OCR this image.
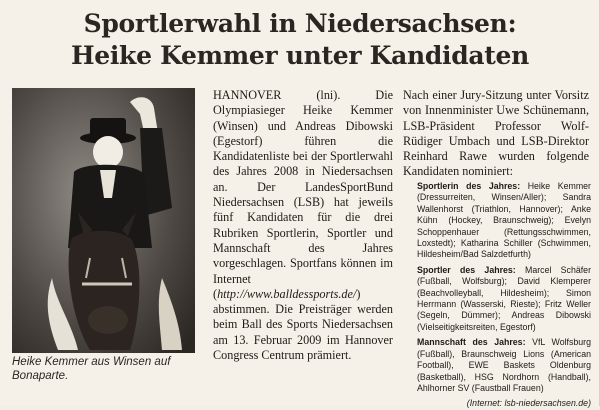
Sportlerwahl in Niedersachsen:
Heike Kemmer unter Kandidaten
Heike Kemmer aus Winsen auf Bonaparte.

HANNOVER (lni). Die Olympiasieger Heike Kemmer (Winsen) und Andreas Dibowski (Egestorf) führen die Kandidatenliste bei der Sportlerwahl des Jahres 2008 in Niedersachsen an. Der LandesSportBund Niedersachsen (LSB) hat jeweils fünf Kandidaten für die drei Rubriken Sportlerin, Sportler und Mannschaft des Jahres vorgeschlagen. Sportfans können im Internet (http://www.balldessports.de/) abstimmen. Die Preisträger werden beim Ball des Sports Niedersachsen am 13. Februar 2009 im Hannover Congress Centrum prämiert.

Nach einer Jury-Sitzung unter Vorsitz von Innenminister Uwe Schünemann, LSB-Präsident Professor Wolf-Rüdiger Umbach und LSB-Direktor Reinhard Rawe wurden folgende Kandidaten nominiert:

Sportlerin des Jahres: Heike Kemmer (Dressurreiten, Winsen/Aller); Sandra Wallenhorst (Triathlon, Hannover); Anke Kühn (Hockey, Braunschweig); Evelyn Schoppenhauer (Rettungsschwimmen, Loxstedt); Katharina Schiller (Schwimmen, Hildesheim/Bad Salzdetfurth)

Sportler des Jahres: Marcel Schäfer (Fußball, Wolfsburg); David Klemperer (Beachvolleyball, Hildesheim); Simon Herrmann (Wasserski, Rieste); Fritz Weller (Segeln, Dümmer); Andreas Dibowski (Vielseitigkeitsreiten, Egestorf)

Mannschaft des Jahres: VfL Wolfsburg (Fußball), Braunschweig Lions (American Football), EWE Baskets Oldenburg (Basketball), HSG Nordhorn (Handball), Ahlhorner SV (Faustball Frauen)

(Internet: lsb-niedersachsen.de)
